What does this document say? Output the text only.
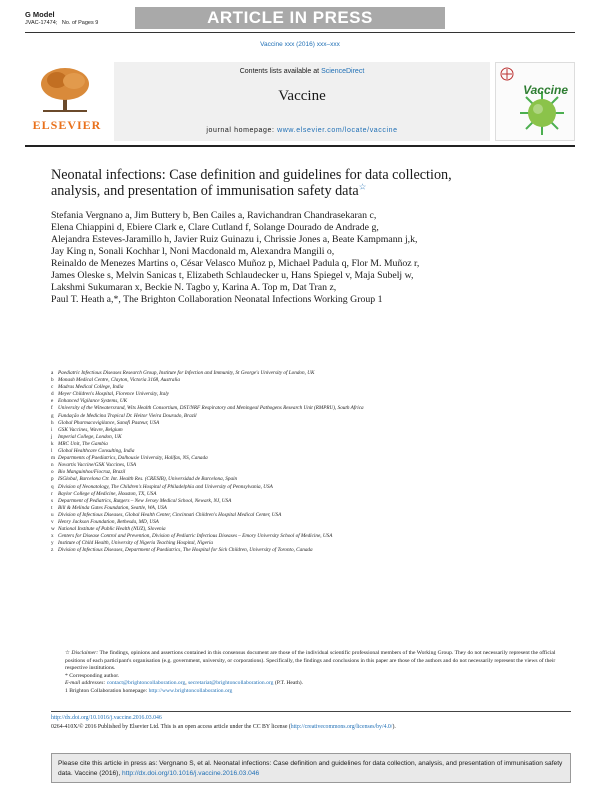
G Model
JVAC-17474; No. of Pages 9	ARTICLE IN PRESS
Vaccine xxx (2016) xxx–xxx
ELSEVIER
Contents lists available at ScienceDirect
Vaccine
journal homepage: www.elsevier.com/locate/vaccine
Vaccine
Neonatal infections: Case definition and guidelines for data collection,
analysis, and presentation of immunisation safety data☆
Stefania Vergnano a, Jim Buttery b, Ben Cailes a, Ravichandran Chandrasekaran c,
Elena Chiappini d, Ebiere Clark e, Clare Cutland f, Solange Dourado de Andrade g,
Alejandra Esteves-Jaramillo h, Javier Ruiz Guinazu i, Chrissie Jones a, Beate Kampmann j,k,
Jay King n, Sonali Kochhar l, Noni Macdonald m, Alexandra Mangili o,
Reinaldo de Menezes Martins o, César Velasco Muñoz p, Michael Padula q, Flor M. Muñoz r,
James Oleske s, Melvin Sanicas t, Elizabeth Schlaudecker u, Hans Spiegel v, Maja Subelj w,
Lakshmi Sukumaran x, Beckie N. Tagbo y, Karina A. Top m, Dat Tran z,
Paul T. Heath a,*, The Brighton Collaboration Neonatal Infections Working Group 1
a Paediatric Infectious Diseases Research Group, Institute for Infection and Immunity, St George's University of London, UK
b Monash Medical Centre, Clayton, Victoria 3168, Australia
c Madras Medical College, India
d Meyer Children's Hospital, Florence University, Italy
e Enhanced Vigilance Systems, UK
f University of the Witwatersrand, Wits Health Consortium, DST/NRF Respiratory and Meningeal Pathogens Research Unit (RMPRU), South Africa
g Fundação de Medicina Tropical Dr. Heitor Vieira Dourado, Brazil
h Global Pharmacovigilance, Sanofi Pasteur, USA
i GSK Vaccines, Wavre, Belgium
j Imperial College, London, UK
k MRC Unit, The Gambia
l Global Healthcare Consulting, India
m Departments of Paediatrics, Dalhousie University, Halifax, NS, Canada
n Novartis Vaccine/GSK Vaccines, USA
o Bio Manguinhos/Fiocruz, Brazil
p ISGlobal, Barcelona Ctr. Int. Health Res. (CRESIB), Universidad de Barcelona, Spain
q Division of Neonatology, The Children's Hospital of Philadelphia and University of Pennsylvania, USA
r Baylor College of Medicine, Houston, TX, USA
s Department of Pediatrics, Rutgers – New Jersey Medical School, Newark, NJ, USA
t Bill & Melinda Gates Foundation, Seattle, WA, USA
u Division of Infectious Diseases, Global Health Center, Cincinnati Children's Hospital Medical Center, USA
v Henry Jackson Foundation, Bethesda, MD, USA
w National Institute of Public Health (NIJZ), Slovenia
x Centers for Disease Control and Prevention, Division of Pediatric Infectious Diseases – Emory University School of Medicine, USA
y Institute of Child Health, University of Nigeria Teaching Hospital, Nigeria
z Division of Infectious Diseases, Department of Paediatrics, The Hospital for Sick Children, University of Toronto, Canada
☆ Disclaimer: The findings, opinions and assertions contained in this consensus document are those of the individual scientific professional members of the Working Group. They do not necessarily represent the official positions of each participant's organisation (e.g. government, university, or corporations). Specifically, the findings and conclusions in this paper are those of the authors and do not necessarily represent the views of their respective institutions.
* Corresponding author.
E-mail addresses: contact@brightoncollaboration.org, secretariat@brightoncollaboration.org (P.T. Heath).
1 Brighton Collaboration homepage: http://www.brightoncollaboration.org
http://dx.doi.org/10.1016/j.vaccine.2016.03.046
0264-410X/© 2016 Published by Elsevier Ltd. This is an open access article under the CC BY license (http://creativecommons.org/licenses/by/4.0/).
Please cite this article in press as: Vergnano S, et al. Neonatal infections: Case definition and guidelines for data collection, analysis, and presentation of immunisation safety data. Vaccine (2016), http://dx.doi.org/10.1016/j.vaccine.2016.03.046
